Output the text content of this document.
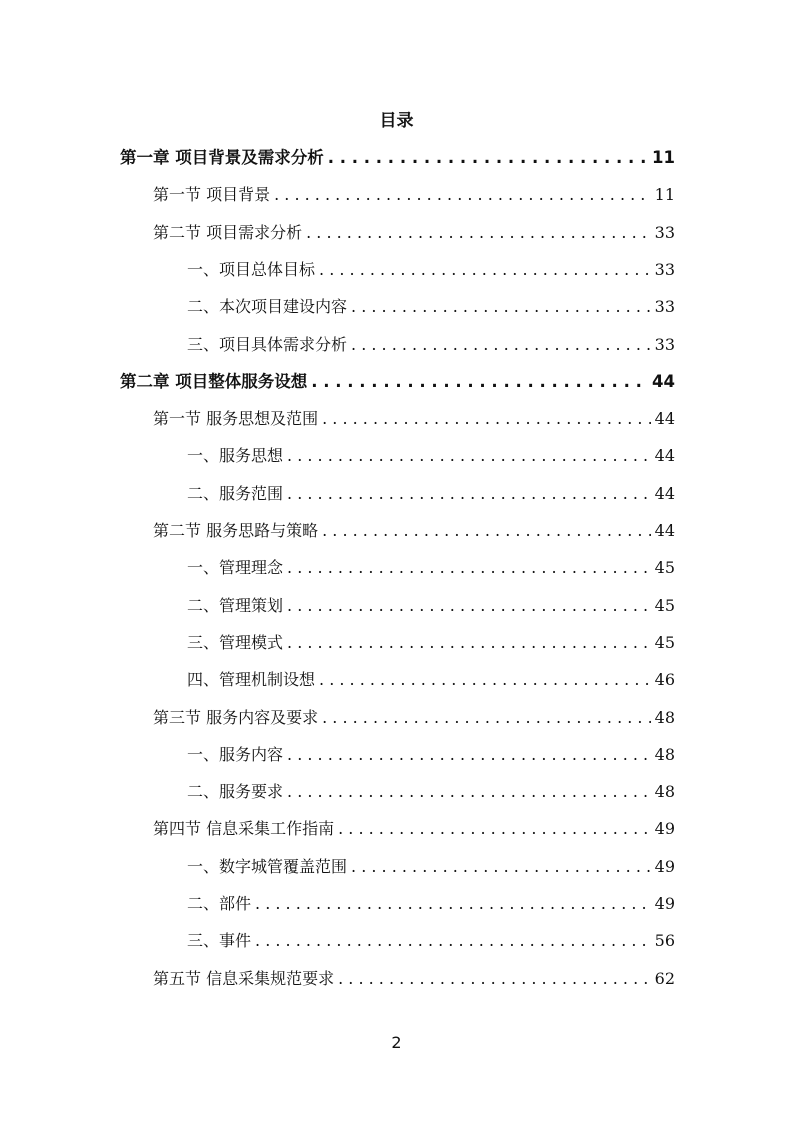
目录
第一章 项目背景及需求分析 . . .	11
第一节 项目背景 . . .	11
第二节 项目需求分析 . . .	33
一、项目总体目标 . . .	33
二、本次项目建设内容 . . .	33
三、项目具体需求分析 . . .	33
第二章 项目整体服务设想 . . .	44
第一节 服务思想及范围 . . .	44
一、服务思想 . . .	44
二、服务范围 . . .	44
第二节 服务思路与策略 . . .	44
一、管理理念 . . .	45
二、管理策划 . . .	45
三、管理模式 . . .	45
四、管理机制设想 . . .	46
第三节 服务内容及要求 . . .	48
一、服务内容 . . .	48
二、服务要求 . . .	48
第四节 信息采集工作指南 . . .	49
一、数字城管覆盖范围 . . .	49
二、部件 . . .	49
三、事件 . . .	56
第五节 信息采集规范要求 . . .	62
2
